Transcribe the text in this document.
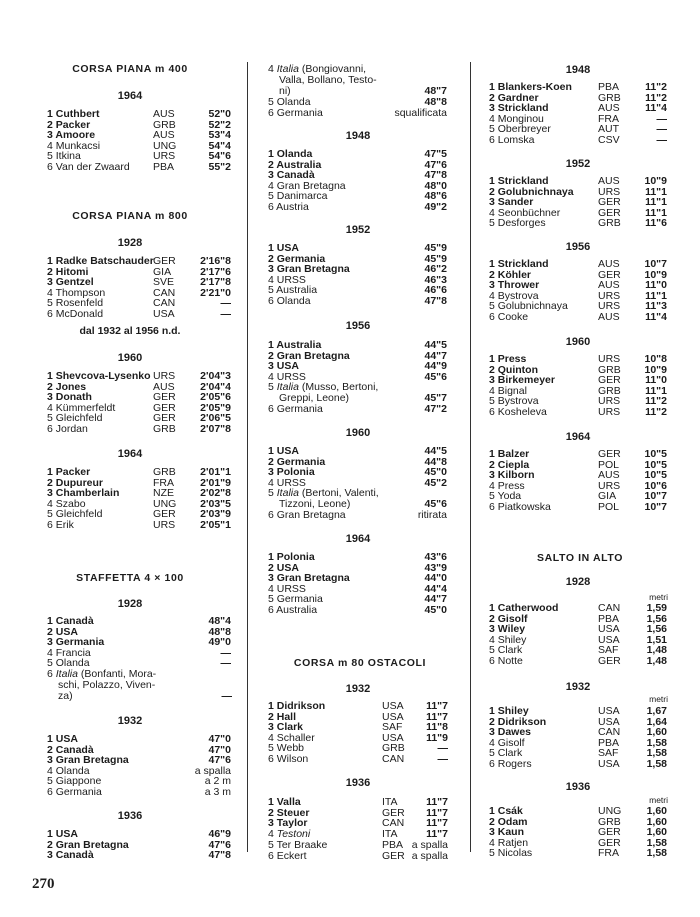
CORSA PIANA m 400
1964
1 Cuthbert	AUS	52"0
2 Packer	GRB	52"2
3 Amoore	AUS	53"4
4 Munkacsi	UNG	54"4
5 Itkina	URS	54"6
6 Van der Zwaard PBA	55"2
CORSA PIANA m 800
1928
1 Radke Batschauder GER	2'16"8
2 Hitomi	GIA	2'17"6
3 Gentzel	SVE	2'17"8
4 Thompson	CAN	2'21"0
5 Rosenfeld	CAN	—
6 McDonald	USA	—
dal 1932 al 1956 n.d.
1960
1 Shevcova-Lysenko URS	2'04"3
2 Jones	AUS	2'04"4
3 Donath	GER	2'05"6
4 Kümmerfeldt	GER	2'05"9
5 Gleichfeld	GER	2'06"5
6 Jordan	GRB	2'07"8
1964
1 Packer	GRB	2'01"1
2 Dupureur	FRA	2'01"9
3 Chamberlain	NZE	2'02"8
4 Szabo	UNG	2'03"5
5 Gleichfeld	GER	2'03"9
6 Erik	URS	2'05"1
STAFFETTA 4 × 100
1928
1 Canadà	48"4
2 USA	48"8
3 Germania	49"0
4 Francia	—
5 Olanda	—
6 Italia (Bonfanti, Mora-
schi, Polazzo, Viven-
za)	—
1932
1 USA	47"0
2 Canadà	47"0
3 Gran Bretagna	47"6
4 Olanda	a spalla
5 Giappone	a 2 m
6 Germania	a 3 m
1936
1 USA	46"9
2 Gran Bretagna	47"6
3 Canadà	47"8
270
4 Italia (Bongiovanni,
Valla, Bollano, Testo-
ni)	48"7
5 Olanda	48"8
6 Germania	squalificata
1948
1 Olanda	47"5
2 Australia	47"6
3 Canadà	47"8
4 Gran Bretagna	48"0
5 Danimarca	48"6
6 Austria	49"2
1952
1 USA	45"9
2 Germania	45"9
3 Gran Bretagna	46"2
4 URSS	46"3
5 Australia	46"6
6 Olanda	47"8
1956
1 Australia	44"5
2 Gran Bretagna	44"7
3 USA	44"9
4 URSS	45"6
5 Italia (Musso, Bertoni,
Greppi, Leone)	45"7
6 Germania	47"2
1960
1 USA	44"5
2 Germania	44"8
3 Polonia	45"0
4 URSS	45"2
5 Italia (Bertoni, Valenti,
Tizzoni, Leone)	45"6
6 Gran Bretagna	ritirata
1964
1 Polonia	43"6
2 USA	43"9
3 Gran Bretagna	44"0
4 URSS	44"4
5 Germania	44"7
6 Australia	45"0
CORSA m 80 OSTACOLI
1932
1 Didrikson	USA	11"7
2 Hall	USA	11"7
3 Clark	SAF	11"8
4 Schaller	USA	11"9
5 Webb	GRB	—
6 Wilson	CAN	—
1936
1 Valla	ITA	11"7
2 Steuer	GER	11"7
3 Taylor	CAN	11"7
4 Testoni	ITA	11"7
5 Ter Braake	PBA a spalla
6 Eckert	GER a spalla
1948
1 Blankers-Koen PBA	11"2
2 Gardner	GRB	11"2
3 Strickland	AUS	11"4
4 Monginou	FRA	—
5 Oberbreyer	AUT	—
6 Lomska	CSV	—
1952
1 Strickland	AUS	10"9
2 Golubnichnaya URS	11"1
3 Sander	GER	11"1
4 Seonbüchner	GER	11"1
5 Desforges	GRB	11"6
1956
1 Strickland	AUS	10"7
2 Köhler	GER	10"9
3 Thrower	AUS	11"0
4 Bystrova	URS	11"1
5 Golubnichnaya	URS	11"3
6 Cooke	AUS	11"4
1960
1 Press	URS	10"8
2 Quinton	GRB	10"9
3 Birkemeyer	GER	11"0
4 Bignal	GRB	11"1
5 Bystrova	URS	11"2
6 Kosheleva	URS	11"2
1964
1 Balzer	GER	10"5
2 Ciepla	POL	10"5
3 Kilborn	AUS	10"5
4 Press	URS	10"6
5 Yoda	GIA	10"7
6 Piatkowska	POL	10"7
SALTO IN ALTO
1928
metri
1 Catherwood	CAN	1,59
2 Gisolf	PBA	1,56
3 Wiley	USA	1,56
4 Shiley	USA	1,51
5 Clark	SAF	1,48
6 Notte	GER	1,48
1932
metri
1 Shiley	USA	1,67
2 Didrikson	USA	1,64
3 Dawes	CAN	1,60
4 Gisolf	PBA	1,58
5 Clark	SAF	1,58
6 Rogers	USA	1,58
1936
metri
1 Csák	UNG	1,60
2 Odam	GRB	1,60
3 Kaun	GER	1,60
4 Ratjen	GER	1,58
5 Nicolas	FRA	1,58
